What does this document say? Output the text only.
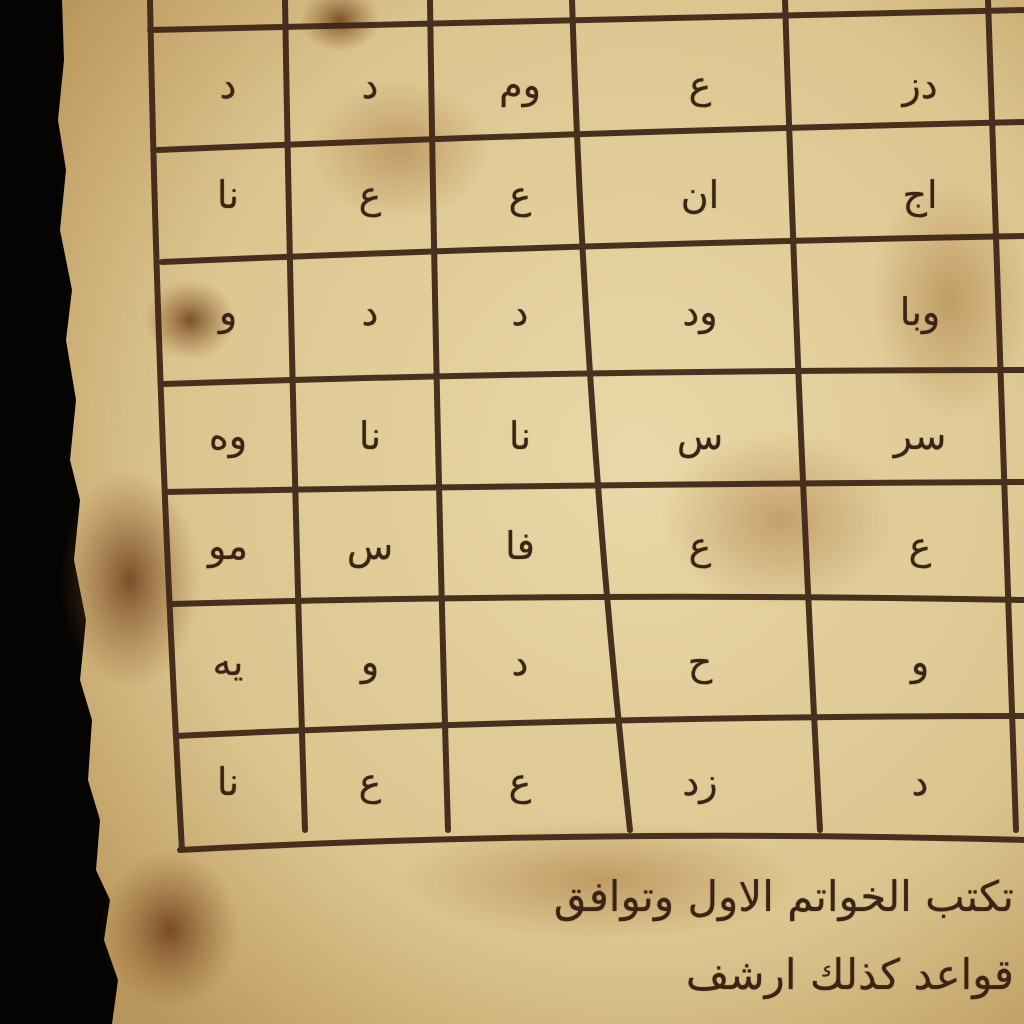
دز
ع
وم
د
د
اج
ان
ع
ع
نا
وبا
ود
د
د
و
سر
س
نا
نا
وه
ع
ع
فا
س
مو
و
ح
د
و
يه
د
زد
ع
ع
نا
تكتب الخواتم الاول وتوافق
قواعد كذلك ارشف
